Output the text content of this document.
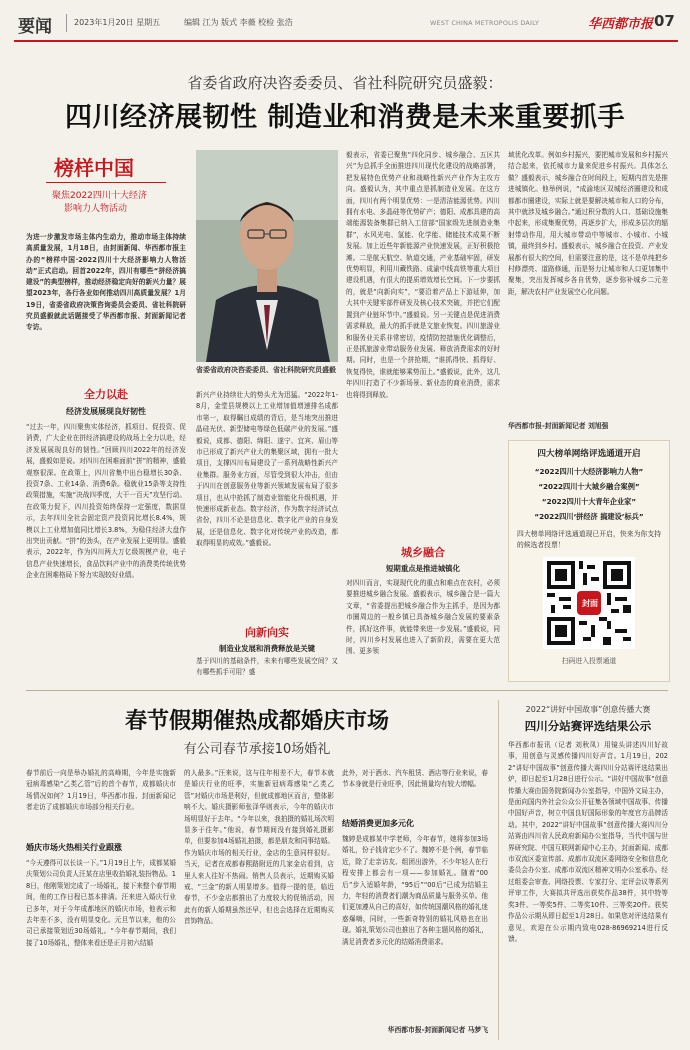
要闻	2023年1月20日 星期五	编辑 江为 版式 李薇 校检 张浩	WEST CHINA METROPOLIS DAILY	华西都市报 07
省委省政府决咨委委员、省社科院研究员盛毅：
四川经济展韧性 制造业和消费是未来重要抓手
榜样中国
聚焦2022四川十大经济
影响力人物活动
为进一步激发市场主体内生动力，推动市场主体持续高质量发展，1月18日，由封面新闻、华西都市报主办的“榜样中国·2022四川十大经济影响力人物活动”正式启动。回首2022年，四川有哪些“拼经济搞建设”的典型榜样，推动经济稳定向好的新兴力量？展望2023年，各行各业如何推动四川高质量发展？1月19日，省委省政府决策咨询委员会委员、省社科院研究员盛毅就此话题接受了华西都市报、封面新闻记者专访。
省委省政府决咨委委员、省社科院研究员盛毅
全力以赴
经济发展展现良好韧性
“过去一年，四川聚焦实体经济，抓项目、促投资、促消费，广大企业在拼经济搞建设的战场上全力以赴，经济发展展现良好的韧性。”回顾四川2022年的经济发展，盛毅如是说。对四川在困难面前“拼”的精神，盛毅观察很深。在政策上，四川省集中出台稳增长30条、投资7条、工业14条、消费6条。稳就业15条等支持性政策措施，实施“决战四季度，大干一百天”攻坚行动。在政策力促下，四川投资始终保持一定强度，数据显示，去年四川全社会固定资产投资同比增长8.4%，规模以上工业增加值同比增长3.8%，为稳住经济大盘作出突出贡献。“拼”的劲头，在产业发展上更明显。盛毅表示，2022年，作为四川两大万亿级规模产业，电子信息产业快速增长，食品饮料产业中的消费类传统优势企业在困难格局下努力实现较好业绩。
新兴产业持续壮大的势头尤为迅猛。“2022年1-8月，金堂县规模以上工业增加值增速排名成都市第一，取得瞩目成绩的背后，是当地突出推进晶硅光伏、新型储电等绿色低碳产业的发展。”盛毅说，成都、德阳、绵阳、遂宁、宜宾、眉山等市已形成了新兴产业大的集聚区域，拥有一批大项目，支撑四川布局建设了一系列战略性新兴产业集群。服务业方面，尽管受到很大冲击，但由于四川在创意服务业等新兴领域发展布局了很多项目，也从中抢抓了制造业智能化升级机遇，并快速形成新业态。数字经济，作为数字经济试点省份，四川不论是信息化、数字化产业的自身发展，还是信息化、数字化对传统产业的改造，都取得明显的成效。”盛毅说。
向新向实
制造业发展和消费释放是关键
基于四川的基础条件，未来有哪些发展空间？又有哪些抓手可用？盛
毅表示，省委已聚焦“四化同步、城乡融合、五区共兴”为总抓手全面推进四川现代化建设的战略部署，把发展特色优势产业和战略性新兴产业作为主攻方向。盛毅认为，其中重点是抓制造业发展。在这方面，四川有两个明显优势：一是清洁能源优势。四川拥有水电、多晶硅等优势矿产；德阳、成都具建的高端能源装备集群已纳入工信部“国家级先进制造业集群”，水风光电、氢能、化学能、储能技术成果不断发展。加上近些年新能源产业快速发展，正好积极抢滩。二是航天航空、轨道交通，产业基础牢固，研发优势明显，利用川藏铁路、成渝中线高铁等重大项目建设机遇，有很大的提质增效增长空间。下一步要抓的，就是“向新向实”，“要沿着产品上下游延伸，加大其中关键零部件研发及核心技术突破，并把它们配置到产业链环节中。”盛毅说。另一关键点是促进消费需求释放，最大的抓手就是文旅业恢复。四川旅游业和服务业关系非常密切，疫情防控措施优化调整后，正是抓旅游业带动服务业发展、释放消费需求的好时期。同时，也是一个拼抢期，“谁抓得快、抓得好、恢复得快，谁就能够乘势而上。”盛毅说，此外，这几年四川打造了不少新场景、新业态的商业消费，需求也将得到释放。
城乡融合
短期重点是推进城镇化
对四川而言，实现现代化的重点和难点在农村，必须要推进城乡融合发展。盛毅表示，城乡融合是一篇大文章，“省委提出把城乡融合作为主抓手，是因为都市圈周边的一般乡镇已具备城乡融合发展的要素条件，抓好这件事，就能带来进一步发展。”盛毅说，同时，四川乡村发展也进入了新阶段，需要在更大范围、更多领
域优化改革。例如乡村振兴，要把城市发展和乡村振兴结合起来，依托城市力量来促进乡村振兴。具体怎么做？盛毅表示，城乡融合在时间段上，短期内首先是推进城镇化。他举例说，“成渝地区双城经济圈建设和成都都市圈建设，实际上就是要解决城市和人口的分布，其中就涉及城乡融合。”通过积分数的人口、基础设施集中起来，形成集聚优势，再逐步扩大，形成多层次的辐射带动作用，用大城市带动中等城市、小城市、小城镇，最终到乡村。盛毅表示，城乡融合在投资、产业发展都有很大的空间，但需要注意的是，这不是单纯把乡村修漂亮、道路修通，而是努力让城市和人口更加集中聚集，突出发挥城乡各自优势，逐步弥补城乡二元差距，解决农村产业发展空心化问题。
华西都市报-封面新闻记者 刘旭强
四大榜单网络评选通道开启
“2022四川十大经济影响力人物”
“2022四川十大城乡融合案例”
“2022四川十大青年企业家”
“2022四川‘拼经济 搞建设’标兵”
四大榜单网络评选通道现已开启，快来为你支持的候选者投票！
封面
扫码进入投票通道
春节假期催热成都婚庆市场
有公司春节承接10场婚礼
春节前后一向是举办婚礼的高峰期，今年是实施新冠病毒感染“乙类乙管”后的首个春节，成都婚庆市场情况如何？1月19日，华西都市报、封面新闻记者走访了成都婚庆市场部分相关行业。
婚庆市场火热相关行业跟涨
“今天遵得可以长谈一下。”1月19日上午，成都某婚庆策划公司负责人汪某在店里收拾婚礼装扮物品。18日，他刚策划完成了一场婚礼，接下来整个春节期间，他的工作日程已基本排满。汪来进入婚庆行业已多年，对于今年成都地区的婚庆市场，他表示和去年差不多，没有明显变化。元旦节以来，他的公司已承接策划近30场婚礼。“今年春节期间，我们接了10场婚礼，整体来看还是正月初六结婚
的人最多。”汪来说，这与往年相差不大，春节本就是婚庆行业的旺季，实施新冠病毒感染“乙类乙管”对婚庆市场是利好，但就成都地区而言，整体影响不大。婚庆摄影师张泽华则表示，今年的婚庆市场明显好于去年。“今年以来，我拍摄的婚礼场次明显多于往年。”他说，春节期间没有接到婚礼摄影单，但要参加4场婚礼拍摄，都是朋友和同事结婚。作为婚庆市场的相关行业，金店的生意同样很好。当天，记者在成都春熙路附近的几家金店看到，店里人来人往好不热闹。销售人员表示，近期购买婚戒、“三金”的新人明显增多。值得一提的是，临近春节，不少金店都推出了力度较大的促销活动，因此有的新人婚期虽然还早，但也会选择在近期购买首饰物品。
此外，对于酒水、汽车租赁、酒店等行业来说，春节本身就是行业旺季，因此销量均有较大增幅。
结婚消费更加多元化
魏婷是成都某中学老师，今年春节，她将参加3场婚礼，份子钱肯定少不了。魏婷不是个例，春节临近，除了走亲访友、组团出游外，不少年轻人在行程安排上都会有一项——参加婚礼。随着“00后”步入适婚年龄，“95后”“00后”已成为结婚主力，年轻的消费者们潮为商品质量与服务买单。他们更加遵从自己的喜好，如传统国潮风格的婚礼迷惑爆嗨，同时，一些新奇特别的婚礼风格也在出现。婚礼策划公司也推出了各种主题风格的婚礼，满足消费者多元化的结婚消费需求。
华西都市报-封面新闻记者 马梦飞
2022“讲好中国故事”创意传播大赛
四川分站赛评选结果公示
华西都市报讯（记者 刘秋凤）用镜头讲述四川好故事，用创意与灵感传播四川好声音。1月19日，2022“讲好中国故事”创意传播大赛四川分站赛评选结果出炉，即日起至1月28日进行公示。“讲好中国故事”创意传播大赛由国务院新闻办公室指导，中国外文局主办，是面向国内外社会公众公开征集各领域中国故事、传播中国好声音，树立中国良好国际形象的年度官方品牌活动。其中，2022“讲好中国故事”创意传播大赛四川分站赛由四川省人民政府新闻办公室指导，当代中国与世界研究院、中国互联网新闻中心主办，封面新闻、成都市双流区委宣传部、成都市双流区委网络安全和信息化委员会办公室、成都市双流区精神文明办公室承办。经过组委会审查、网络投票、专家打分、定评会议等系列评审工作，大赛拟共评选出获奖作品38件，其中特等奖3件、一等奖5件、二等奖10件、三等奖20件。获奖作品公示期从即日起至1月28日。如果您对评选结果有意见，欢迎在公示期内致电028-86969214进行反馈。
